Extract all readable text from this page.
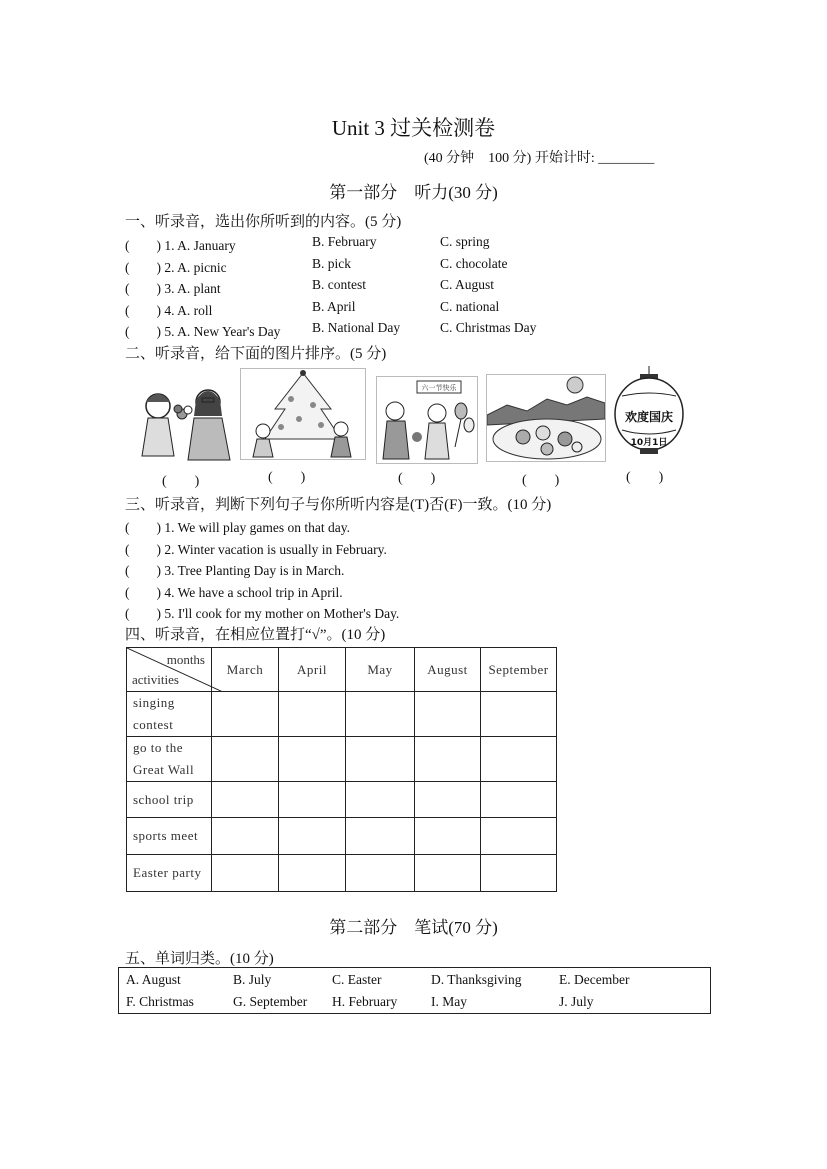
Unit 3 过关检测卷
(40 分钟　100 分) 开始计时: ________
第一部分　听力(30 分)
一、听录音，选出你所听到的内容。(5 分)
(　　) 1. A. January	B. February	C. spring
(　　) 2. A. picnic	B. pick	C. chocolate
(　　) 3. A. plant	B. contest	C. August
(　　) 4. A. roll	B. April	C. national
(　　) 5. A. New Year's Day B. National Day	C. Christmas Day
二、听录音，给下面的图片排序。(5 分)
六一节快乐
欢度国庆
10月1日
(　　)	(　　)	(　　)	(　　)	(　　)
三、听录音，判断下列句子与你所听内容是(T)否(F)一致。(10 分)
(　　) 1. We will play games on that day.
(　　) 2. Winter vacation is usually in February.
(　　) 3. Tree Planting Day is in March.
(　　) 4. We have a school trip in April.
(　　) 5. I'll cook for my mother on Mother's Day.
四、听录音，在相应位置打“√”。(10 分)
months
activities	March	April	May	August	September
singing
contest					
go to the
Great Wall					
school trip					
sports meet					
Easter party					
第二部分　笔试(70 分)
五、单词归类。(10 分)
A. August	B. July	C. Easter	D. Thanksgiving	E. December
F. Christmas	G. September H. February	I. May	J. July
